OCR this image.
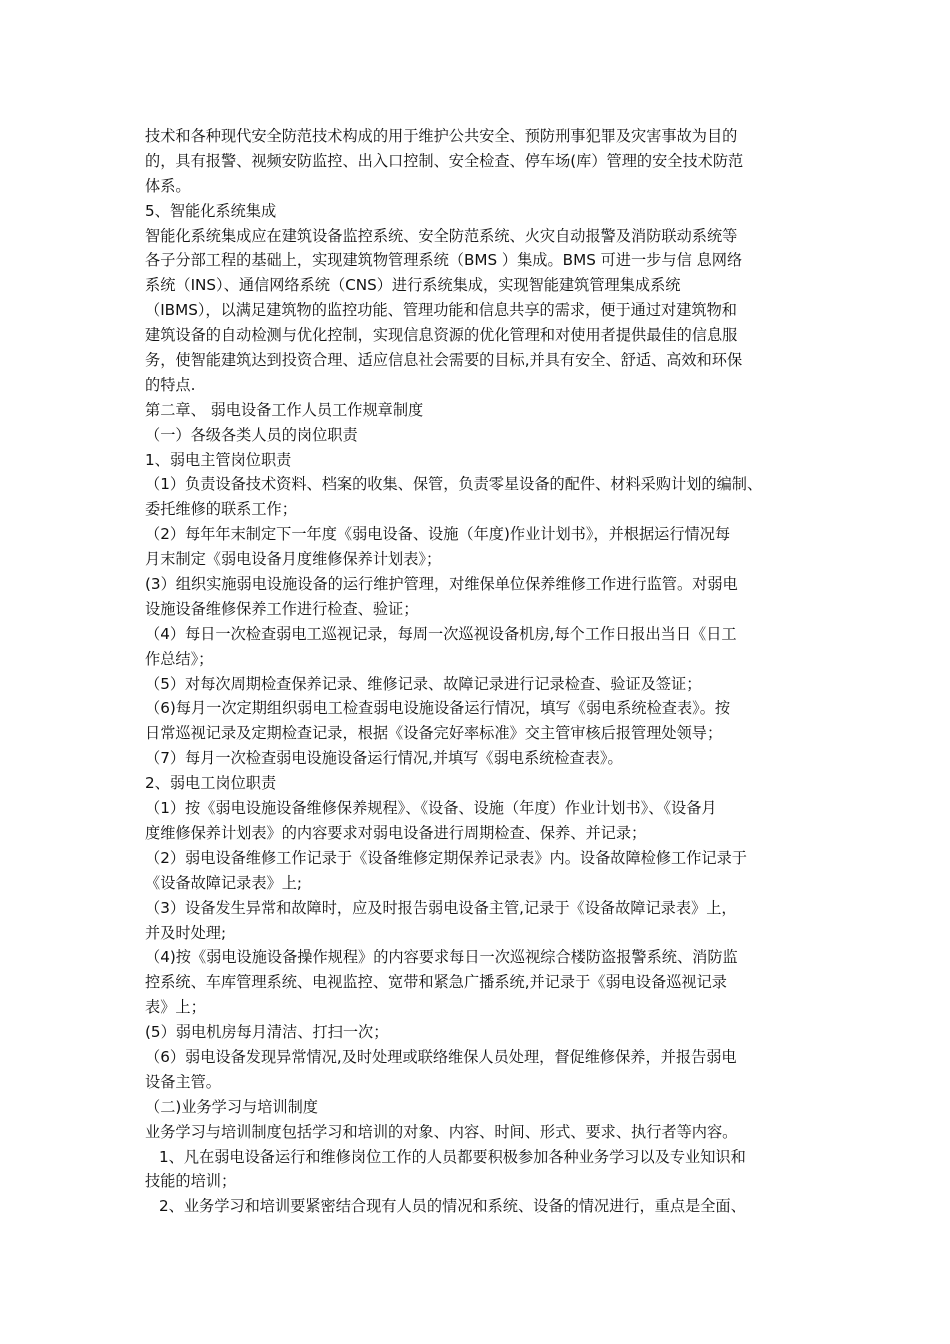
技术和各种现代安全防范技术构成的用于维护公共安全、预防刑事犯罪及灾害事故为目的
的，具有报警、视频安防监控、出入口控制、安全检查、停车场(库）管理的安全技术防范
体系。
5、智能化系统集成
智能化系统集成应在建筑设备监控系统、安全防范系统、火灾自动报警及消防联动系统等
各子分部工程的基础上，实现建筑物管理系统（BMS ）集成。BMS 可进一步与信 息网络
系统（INS）、通信网络系统（CNS）进行系统集成，实现智能建筑管理集成系统
（IBMS），以满足建筑物的监控功能、管理功能和信息共享的需求，便于通过对建筑物和
建筑设备的自动检测与优化控制，实现信息资源的优化管理和对使用者提供最佳的信息服
务，使智能建筑达到投资合理、适应信息社会需要的目标,并具有安全、舒适、高效和环保
的特点.
第二章、 弱电设备工作人员工作规章制度
（一）各级各类人员的岗位职责
1、弱电主管岗位职责
（1）负责设备技术资料、档案的收集、保管，负责零星设备的配件、材料采购计划的编制、
委托维修的联系工作；
（2）每年年末制定下一年度《弱电设备、设施（年度)作业计划书》，并根据运行情况每
月末制定《弱电设备月度维修保养计划表》；
(3）组织实施弱电设施设备的运行维护管理，对维保单位保养维修工作进行监管。对弱电
设施设备维修保养工作进行检查、验证；
（4）每日一次检查弱电工巡视记录，每周一次巡视设备机房,每个工作日报出当日《日工
作总结》；
（5）对每次周期检查保养记录、维修记录、故障记录进行记录检查、验证及签证；
（6)每月一次定期组织弱电工检查弱电设施设备运行情况，填写《弱电系统检查表》。按
日常巡视记录及定期检查记录，根据《设备完好率标准》交主管审核后报管理处领导；
（7）每月一次检查弱电设施设备运行情况,并填写《弱电系统检查表》。
2、弱电工岗位职责
（1）按《弱电设施设备维修保养规程》、《设备、设施（年度）作业计划书》、《设备月
度维修保养计划表》的内容要求对弱电设备进行周期检查、保养、并记录；
（2）弱电设备维修工作记录于《设备维修定期保养记录表》内。设备故障检修工作记录于
《设备故障记录表》上;
（3）设备发生异常和故障时，应及时报告弱电设备主管,记录于《设备故障记录表》上，
并及时处理;
（4)按《弱电设施设备操作规程》的内容要求每日一次巡视综合楼防盗报警系统、消防监
控系统、车库管理系统、电视监控、宽带和紧急广播系统,并记录于《弱电设备巡视记录
表》上；
(5）弱电机房每月清洁、打扫一次；
（6）弱电设备发现异常情况,及时处理或联络维保人员处理，督促维修保养，并报告弱电
设备主管。
（二)业务学习与培训制度
业务学习与培训制度包括学习和培训的对象、内容、时间、形式、要求、执行者等内容。
1、凡在弱电设备运行和维修岗位工作的人员都要积极参加各种业务学习以及专业知识和
技能的培训；
2、业务学习和培训要紧密结合现有人员的情况和系统、设备的情况进行，重点是全面、
